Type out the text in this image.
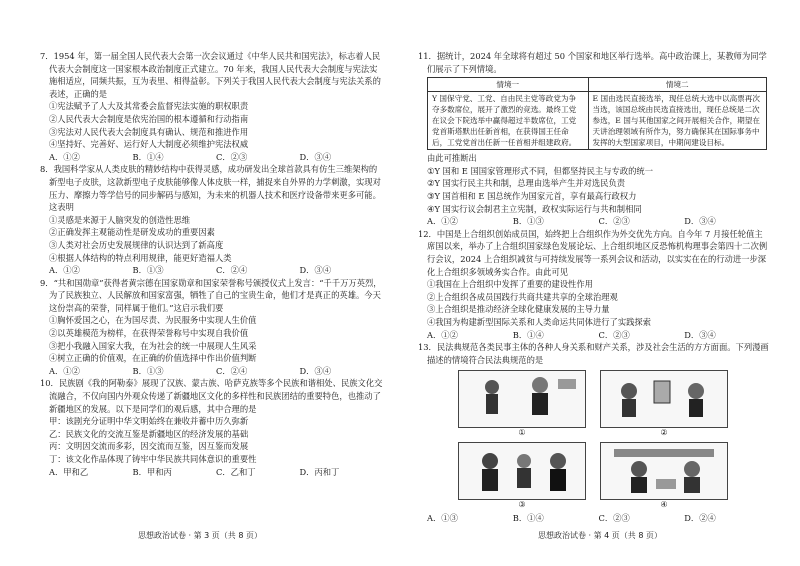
7．1954 年，第一届全国人民代表大会第一次会议通过《中华人民共和国宪法》，标志着人民代表大会制度这一国家根本政治制度正式建立。70 年来，我国人民代表大会制度与宪法实施相适应，同频共振，互为表里、相得益彰。下列关于我国人民代表大会制度与宪法关系的表述，正确的是

①宪法赋予了人大及其常委会监督宪法实施的职权职责

②人民代表大会制度是依宪治国的根本遵循和行动指南

③宪法对人民代表大会制度具有确认、规范和推进作用

④坚持好、完善好、运行好人大制度必须维护宪法权威

A．①②	B．①④	C．②③	D．③④

8．我国科学家从人类皮肤的精妙结构中获得灵感，成功研发出全球首款具有仿生三维架构的新型电子皮肤，这款新型电子皮肤能够像人体皮肤一样，捕捉来自外界的力学刺激，实现对压力、摩擦力等学信号的同步解码与感知，为未来的机器人技术和医疗设备带来更多可能。这表明

①灵感是来源于人脑突发的创造性思维

②正确发挥主观能动性是研发成功的重要因素

③人类对社会历史发展规律的认识达到了新高度

④根据人体结构的特点利用规律，能更好造福人类

A．①②	B．①③	C．②④	D．③④

9．“共和国勋章”获得者黄宗德在国家勋章和国家荣誉称号颁授仪式上发言：“千千万万英烈，为了民族独立、人民解放和国家富强，牺牲了自己的宝贵生命，他们才是真正的英雄。今天这份崇高的荣誉，同样属于他们。”这启示我们要

①胸怀爱国之心，在为国尽责、为民服务中实现人生价值

②以英雄模范为榜样，在获得荣誉称号中实现自我价值

③把小我融入国家大我，在为社会的统一中展现人生风采

④树立正确的价值观，在正确的价值选择中作出价值判断

A．①②	B．①③	C．②④	D．③④

10．民族剧《我的阿勒泰》展现了汉族、蒙古族、哈萨克族等多个民族和谐相处、民族文化交流融合，不仅向国内外观众传递了新疆地区文化的多样性和民族团结的重要特色，也推动了新疆地区的发展。以下是同学们的观后感，其中合理的是

甲：该剧充分证明中华文明始终在兼收并蓄中历久弥新

乙：民族文化的交流互鉴是新疆地区的经济发展的基础

丙：文明因交流而多彩，因交流而互鉴，因互鉴而发展

丁：该文化作品体现了铸牢中华民族共同体意识的重要性

A．甲和乙	B．甲和丙	C．乙和丁	D．丙和丁
思想政治试卷 · 第 3 页（共 8 页）

11．据统计，2024 年全球将有超过 50 个国家和地区举行选举。高中政治课上，某教师为同学们展示了下列情境。

情境一	情境二
Y 国保守党、工党、自由民主党等政党为争夺多数席位，展开了激烈的竞选。最终工党在议会下院选举中赢得超过半数席位，工党党首斯塔默出任新首相，在获得国王任命后，工党党首出任新一任首相并组建政府。	E 国由选民直接选举，现任总统大选中以高票再次当选，该国总统由民选直接选出，现任总统是二次参选，E 国与其他国家之间开展相关合作，期望在天讲治理领域有所作为，努力确保其在国际事务中发挥的大型国家项目，中期间建设目标。

由此可推断出

①Y 国和 E 国国家管理形式不同，但都坚持民主与专政的统一

②Y 国实行民主共和制，总理由选举产生并对选民负责

③Y 国首相和 E 国总统作为国家元首，享有最高行政权力

④Y 国实行议会制君主立宪制，政权实际运行与共和制相同

A．①②	B．①③	C．②③	D．③④

12．中国是上合组织创始成员国，始终把上合组织作为外交优先方向。自今年 7 月接任轮值主席国以来，举办了上合组织国家绿色发展论坛、上合组织地区反恐怖机构理事会第四十二次例行会议，2024 上合组织减贫与可持续发展等一系列会议和活动，以实实在在的行动进一步深化上合组织多领域务实合作。由此可见

①我国在上合组织中发挥了重要的建设性作用

②上合组织各成员国践行共商共建共享的全球治理观

③上合组织是推动经济全球化健康发展的主导力量

④我国为构建新型国际关系和人类命运共同体进行了实践探索

A．①②	B．①④	C．②③	D．③④

13．民法典规范各类民事主体的各种人身关系和财产关系，涉及社会生活的方方面面。下列漫画描述的情境符合民法典规范的是

①	②
③	④
A．①③	B．①④	C．②③	D．②④
思想政治试卷 · 第 4 页（共 8 页）
